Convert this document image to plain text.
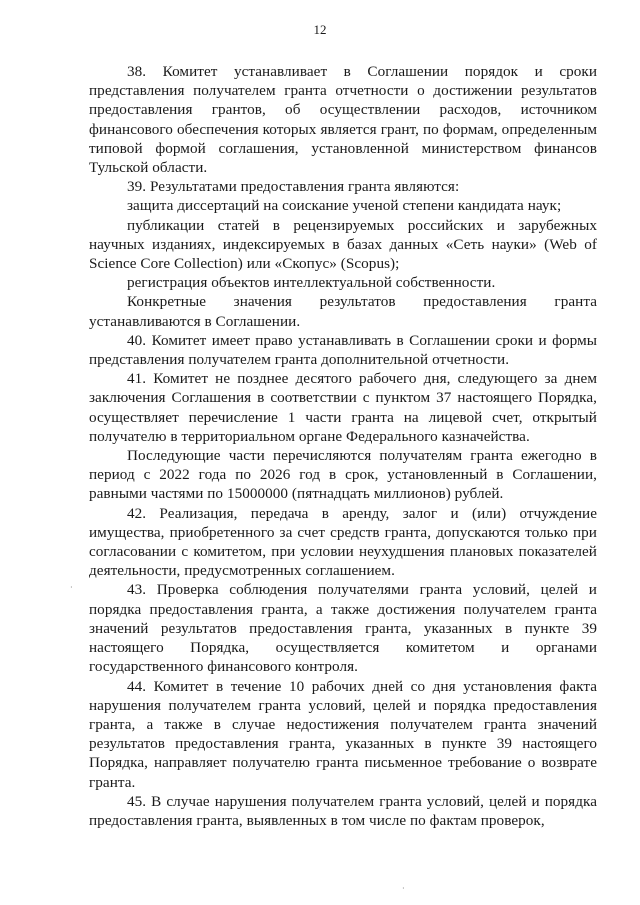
12

38. Комитет устанавливает в Соглашении порядок и сроки представления получателем гранта отчетности о достижении результатов предоставления грантов, об осуществлении расходов, источником финансового обеспечения которых является грант, по формам, определенным типовой формой соглашения, установленной министерством финансов Тульской области.

39. Результатами предоставления гранта являются:

защита диссертаций на соискание ученой степени кандидата наук;

публикации статей в рецензируемых российских и зарубежных научных изданиях, индексируемых в базах данных «Сеть науки» (Web of Science Core Collection) или «Скопус» (Scopus);

регистрация объектов интеллектуальной собственности.

Конкретные значения результатов предоставления гранта устанавливаются в Соглашении.

40. Комитет имеет право устанавливать в Соглашении сроки и формы представления получателем гранта дополнительной отчетности.

41. Комитет не позднее десятого рабочего дня, следующего за днем заключения Соглашения в соответствии с пунктом 37 настоящего Порядка, осуществляет перечисление 1 части гранта на лицевой счет, открытый получателю в территориальном органе Федерального казначейства.

Последующие части перечисляются получателям гранта ежегодно в период с 2022 года по 2026 год в срок, установленный в Соглашении, равными частями по 15000000 (пятнадцать миллионов) рублей.

42. Реализация, передача в аренду, залог и (или) отчуждение имущества, приобретенного за счет средств гранта, допускаются только при согласовании с комитетом, при условии неухудшения плановых показателей деятельности, предусмотренных соглашением.

43. Проверка соблюдения получателями гранта условий, целей и порядка предоставления гранта, а также достижения получателем гранта значений результатов предоставления гранта, указанных в пункте 39 настоящего Порядка, осуществляется комитетом и органами государственного финансового контроля.

44. Комитет в течение 10 рабочих дней со дня установления факта нарушения получателем гранта условий, целей и порядка предоставления гранта, а также в случае недостижения получателем гранта значений результатов предоставления гранта, указанных в пункте 39 настоящего Порядка, направляет получателю гранта письменное требование о возврате гранта.

45. В случае нарушения получателем гранта условий, целей и порядка предоставления гранта, выявленных в том числе по фактам проверок,

·
·
